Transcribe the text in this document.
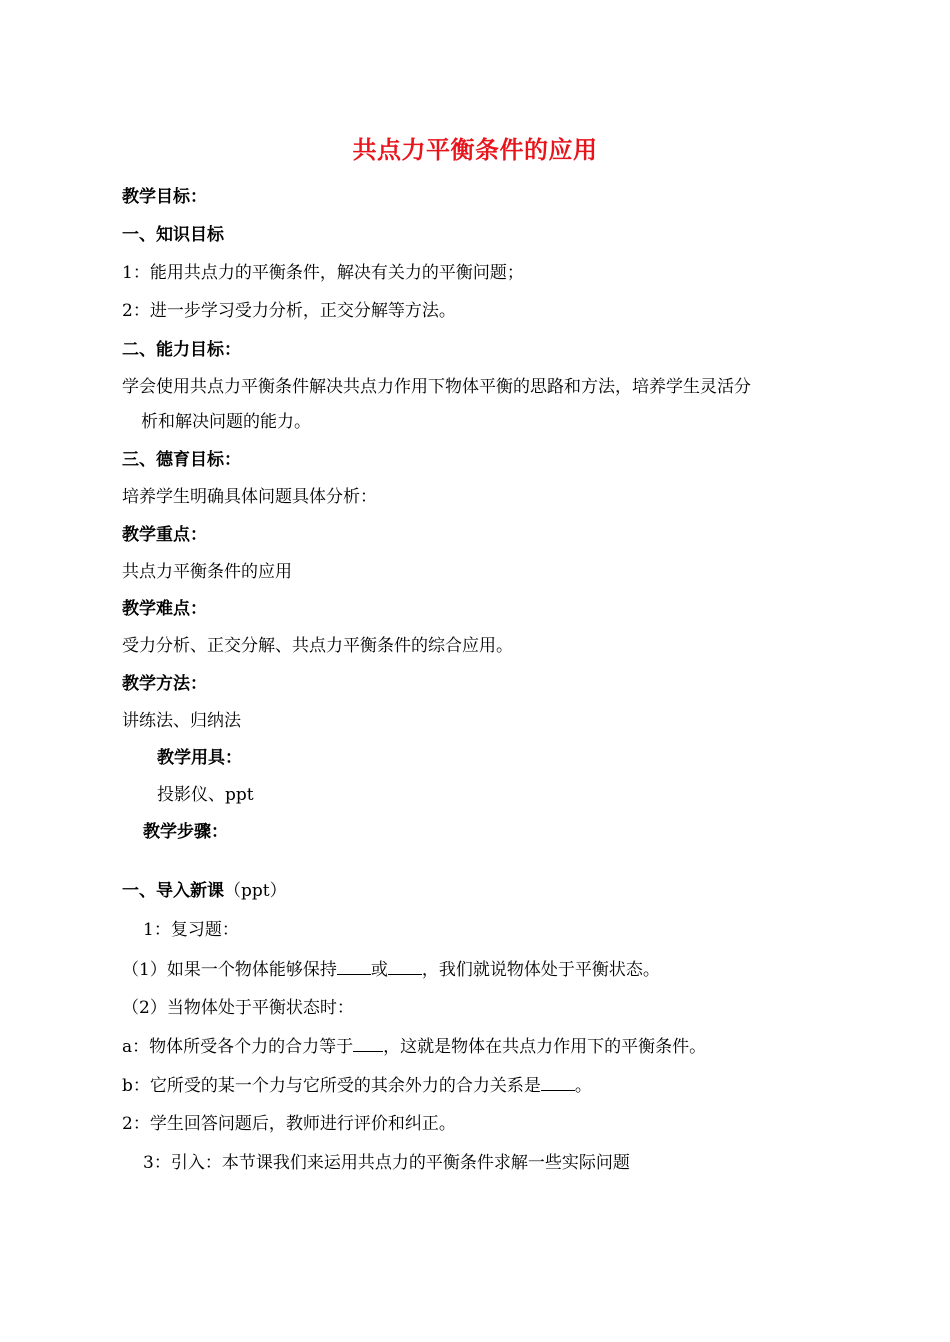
共点力平衡条件的应用
教学目标：
一、知识目标
1：能用共点力的平衡条件，解决有关力的平衡问题；
2：进一步学习受力分析，正交分解等方法。
二、能力目标：
学会使用共点力平衡条件解决共点力作用下物体平衡的思路和方法，培养学生灵活分
析和解决问题的能力。
三、德育目标：
培养学生明确具体问题具体分析：
教学重点：
共点力平衡条件的应用
教学难点：
受力分析、正交分解、共点力平衡条件的综合应用。
教学方法：
讲练法、归纳法
教学用具：
投影仪、ppt
教学步骤：
一、导入新课（ppt）
1：复习题：
（1）如果一个物体能够保持 或 ，我们就说物体处于平衡状态。
（2）当物体处于平衡状态时：
a：物体所受各个力的合力等于 ，这就是物体在共点力作用下的平衡条件。
b：它所受的某一个力与它所受的其余外力的合力关系是 。
2：学生回答问题后，教师进行评价和纠正。
3：引入：本节课我们来运用共点力的平衡条件求解一些实际问题
